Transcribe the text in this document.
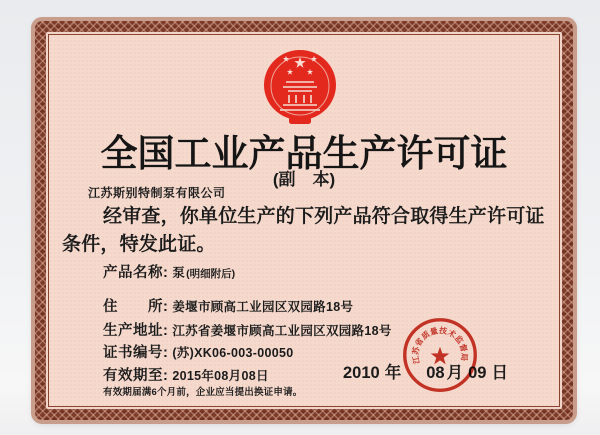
全国工业产品生产许可证
(副　本)
江苏斯别特制泵有限公司
经审查，你单位生产的下列产品符合取得生产许可证
条件，特发此证。
产品名称: 泵 (明细附后)
住　　所: 姜堰市顾高工业园区双园路18号
生产地址: 江苏省姜堰市顾高工业园区双园路18号
证书编号: (苏)XK06-003-00050
有效期至: 2015年08月08日
有效期届满6个月前，企业应当提出换证申请。
2010 年 08 月 09 日
江苏省质量技术监督局
